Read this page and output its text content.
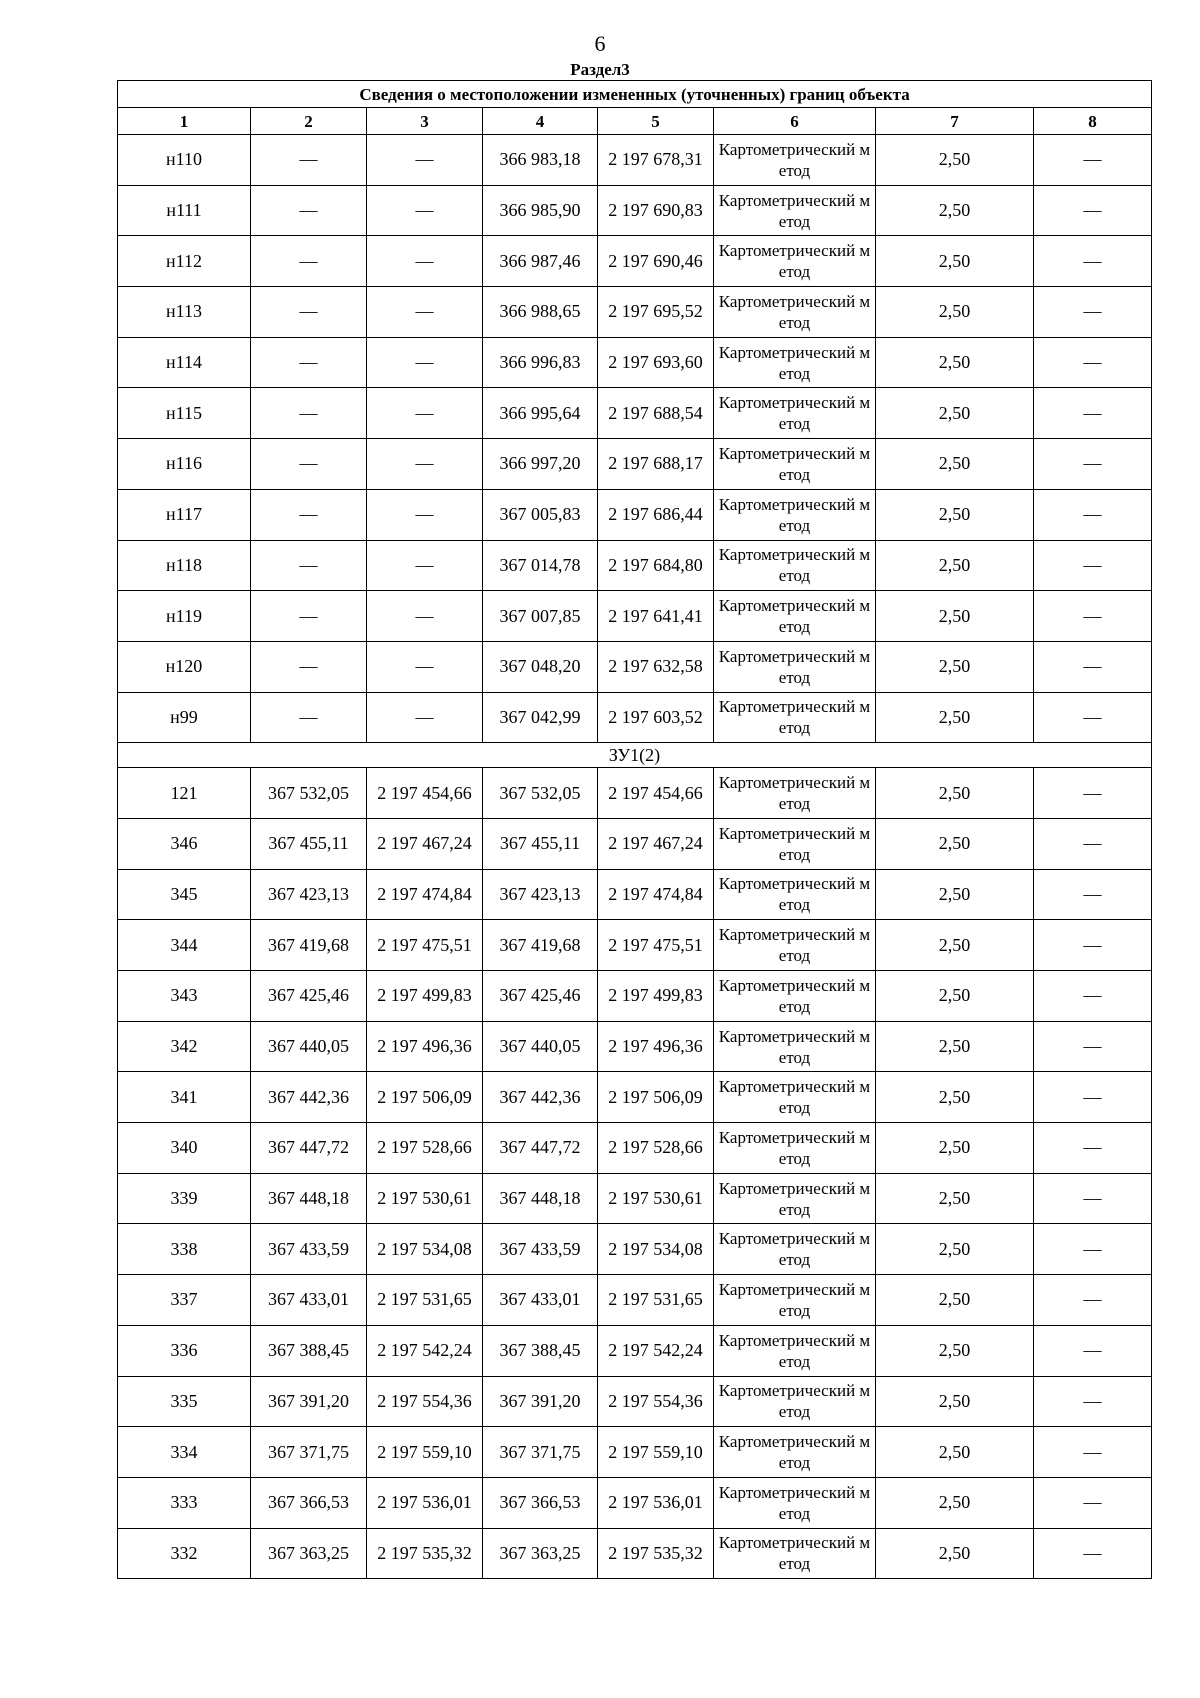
6
Раздел3
Сведения о местоположении измененных (уточненных) границ объекта							
1	2	3	4	5	6	7	8
н110	—	—	366 983,18	2 197 678,31	Картометрический метод	2,50	—
н111	—	—	366 985,90	2 197 690,83	Картометрический метод	2,50	—
н112	—	—	366 987,46	2 197 690,46	Картометрический метод	2,50	—
н113	—	—	366 988,65	2 197 695,52	Картометрический метод	2,50	—
н114	—	—	366 996,83	2 197 693,60	Картометрический метод	2,50	—
н115	—	—	366 995,64	2 197 688,54	Картометрический метод	2,50	—
н116	—	—	366 997,20	2 197 688,17	Картометрический метод	2,50	—
н117	—	—	367 005,83	2 197 686,44	Картометрический метод	2,50	—
н118	—	—	367 014,78	2 197 684,80	Картометрический метод	2,50	—
н119	—	—	367 007,85	2 197 641,41	Картометрический метод	2,50	—
н120	—	—	367 048,20	2 197 632,58	Картометрический метод	2,50	—
н99	—	—	367 042,99	2 197 603,52	Картометрический метод	2,50	—
ЗУ1(2)							
121	367 532,05	2 197 454,66	367 532,05	2 197 454,66	Картометрический метод	2,50	—
346	367 455,11	2 197 467,24	367 455,11	2 197 467,24	Картометрический метод	2,50	—
345	367 423,13	2 197 474,84	367 423,13	2 197 474,84	Картометрический метод	2,50	—
344	367 419,68	2 197 475,51	367 419,68	2 197 475,51	Картометрический метод	2,50	—
343	367 425,46	2 197 499,83	367 425,46	2 197 499,83	Картометрический метод	2,50	—
342	367 440,05	2 197 496,36	367 440,05	2 197 496,36	Картометрический метод	2,50	—
341	367 442,36	2 197 506,09	367 442,36	2 197 506,09	Картометрический метод	2,50	—
340	367 447,72	2 197 528,66	367 447,72	2 197 528,66	Картометрический метод	2,50	—
339	367 448,18	2 197 530,61	367 448,18	2 197 530,61	Картометрический метод	2,50	—
338	367 433,59	2 197 534,08	367 433,59	2 197 534,08	Картометрический метод	2,50	—
337	367 433,01	2 197 531,65	367 433,01	2 197 531,65	Картометрический метод	2,50	—
336	367 388,45	2 197 542,24	367 388,45	2 197 542,24	Картометрический метод	2,50	—
335	367 391,20	2 197 554,36	367 391,20	2 197 554,36	Картометрический метод	2,50	—
334	367 371,75	2 197 559,10	367 371,75	2 197 559,10	Картометрический метод	2,50	—
333	367 366,53	2 197 536,01	367 366,53	2 197 536,01	Картометрический метод	2,50	—
332	367 363,25	2 197 535,32	367 363,25	2 197 535,32	Картометрический метод	2,50	—
